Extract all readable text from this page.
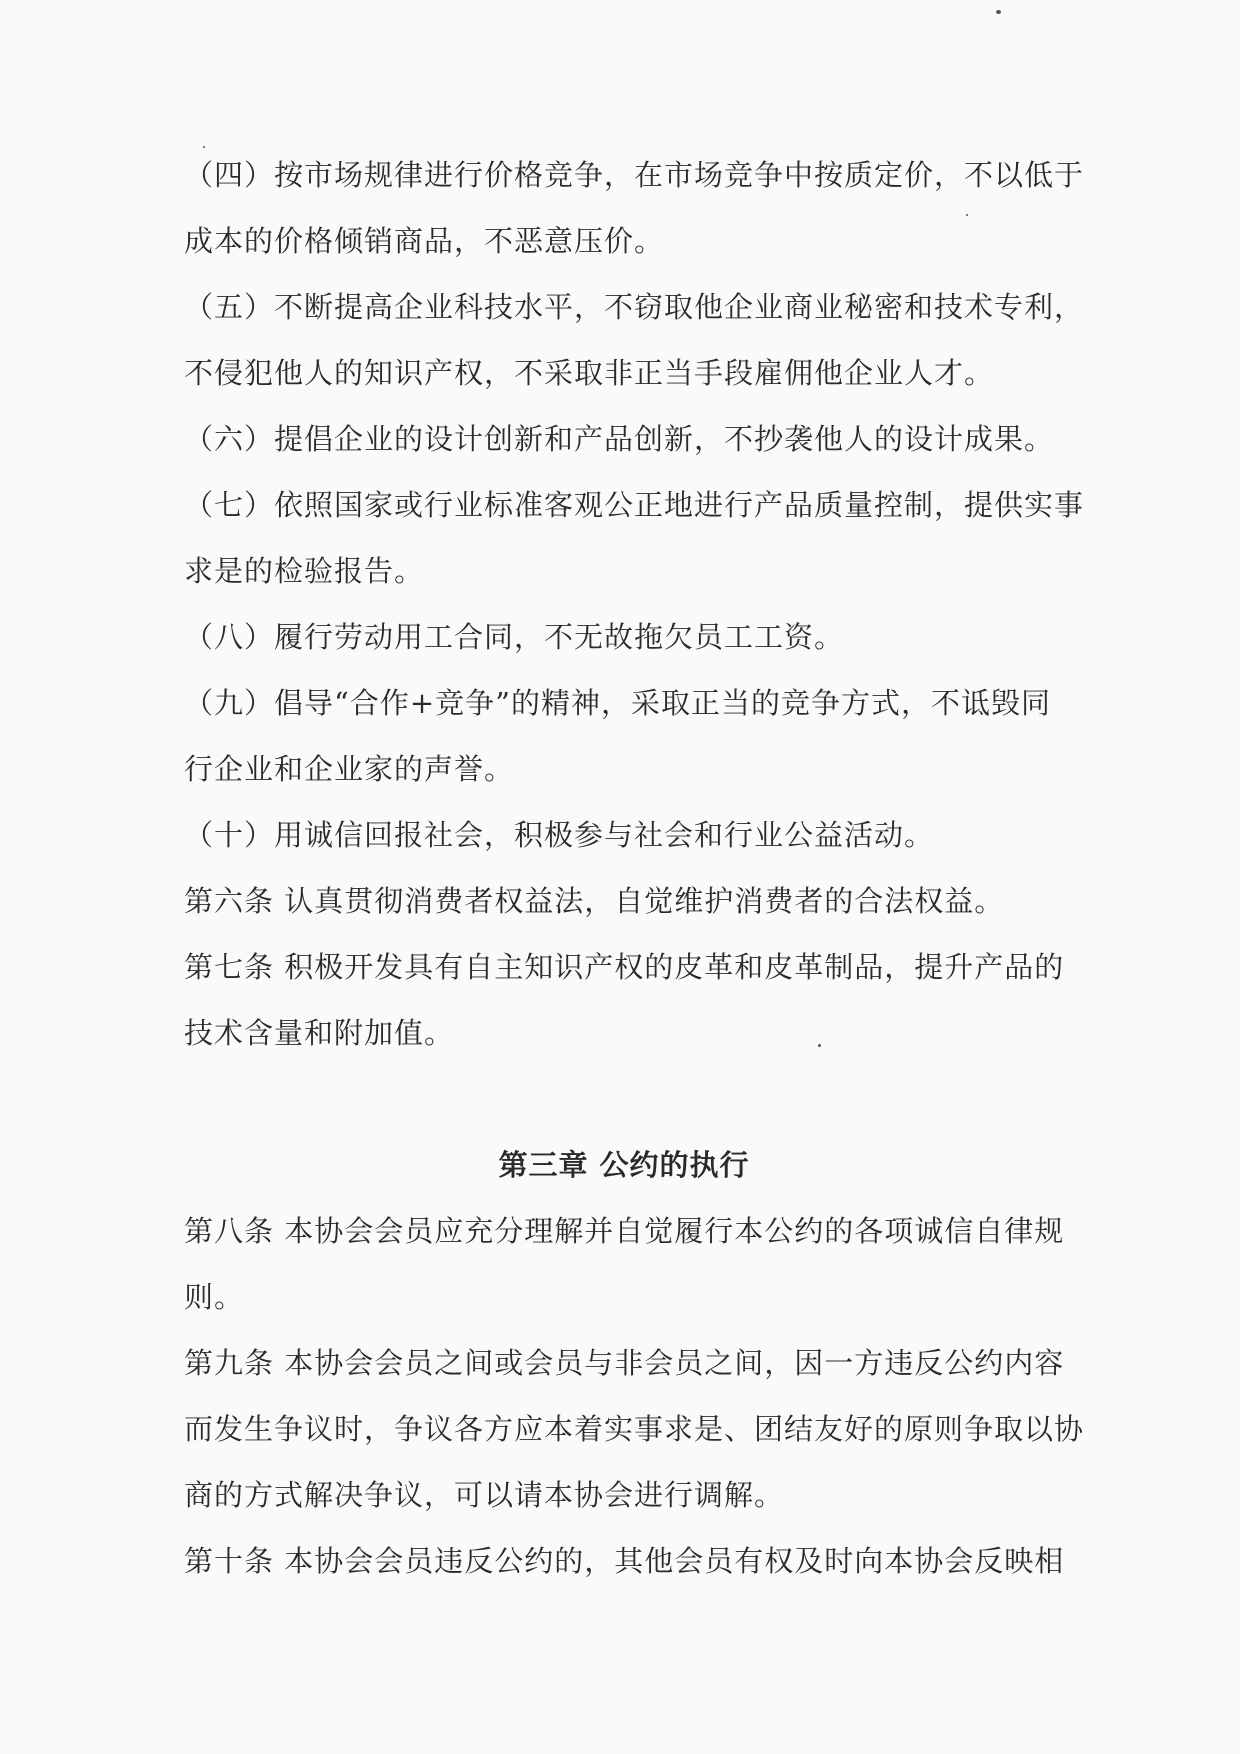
（四）按市场规律进行价格竞争，在市场竞争中按质定价，不以低于
成本的价格倾销商品，不恶意压价。
（五）不断提高企业科技水平，不窃取他企业商业秘密和技术专利，
不侵犯他人的知识产权，不采取非正当手段雇佣他企业人才。
（六）提倡企业的设计创新和产品创新，不抄袭他人的设计成果。
（七）依照国家或行业标准客观公正地进行产品质量控制，提供实事
求是的检验报告。
（八）履行劳动用工合同，不无故拖欠员工工资。
（九）倡导“合作+竞争”的精神，采取正当的竞争方式，不诋毁同
行企业和企业家的声誉。
（十）用诚信回报社会，积极参与社会和行业公益活动。
第六条 认真贯彻消费者权益法，自觉维护消费者的合法权益。
第七条 积极开发具有自主知识产权的皮革和皮革制品，提升产品的
技术含量和附加值。
第三章 公约的执行
第八条 本协会会员应充分理解并自觉履行本公约的各项诚信自律规
则。
第九条 本协会会员之间或会员与非会员之间，因一方违反公约内容
而发生争议时，争议各方应本着实事求是、团结友好的原则争取以协
商的方式解决争议，可以请本协会进行调解。
第十条 本协会会员违反公约的，其他会员有权及时向本协会反映相
